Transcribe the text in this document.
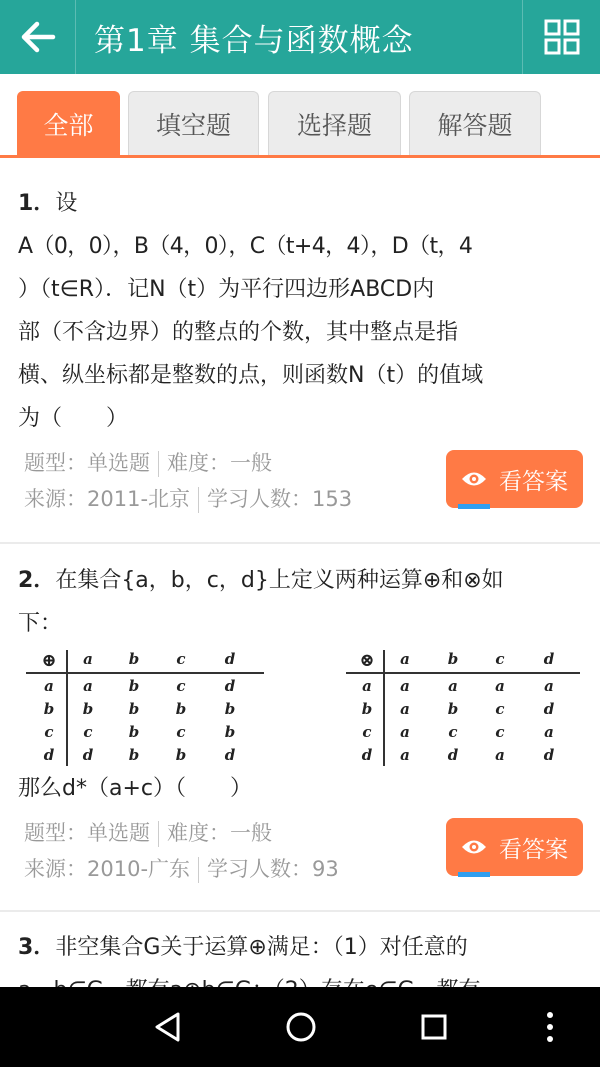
第1章 集合与函数概念
全部	填空题	选择题	解答题
1．设
A（0，0），B（4，0），C（t+4，4），D（t，4
）（t∈R）．记N（t）为平行四边形ABCD内
部（不含边界）的整点的个数，其中整点是指
横、纵坐标都是整数的点，则函数N（t）的值域
为（　　）
题型：单选题 难度：一般
来源：2011-北京 学习人数：153
看答案
2．在集合{a，b，c，d}上定义两种运算⊕和⊗如
下：
⊕	a	b	c	d
a	a	b	c	d
b	b	b	b	b
c	c	b	c	b
d	d	b	b	d
⊗	a	b	c	d
a	a	a	a	a
b	a	b	c	d
c	a	c	c	a
d	a	d	a	d
那么d*（a+c）（　　）
题型：单选题 难度：一般
来源：2010-广东 学习人数：93
看答案
3．非空集合G关于运算⊕满足：（1）对任意的
